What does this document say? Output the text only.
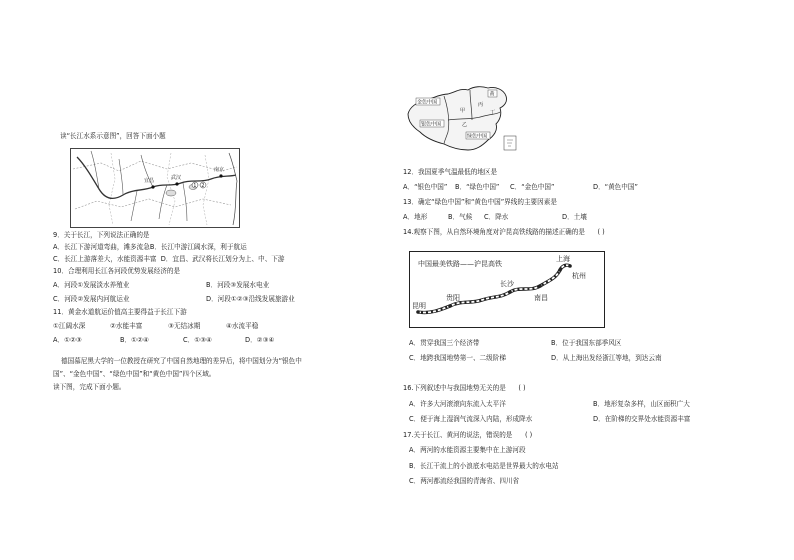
读“长江水系示意图”，回答下面小题
宜昌	武汉
南京
1 2
9．关于长江，下列说法正确的是
A．长江下游河道弯曲，滩多流急B．长江中游江阔水深，利于航运
C．长江上游落差大，水能资源丰富 D．宜昌、武汉将长江划分为上、中、下游
10．合理利用长江各河段优势发展经济的是
A．河段①发展淡水养殖业	B．河段③发展水电业
C．河段②发展内河航运业	D．河段①②③沿线发展旅游业
11．黄金水道航运价值高主要得益于长江下游
①江阔水深	②水能丰富	③无结冰期	④水流平稳
A．①②③	B．①②④	C．①③④	D．②③④
德国慕尼黑大学的一位教授在研究了中国自然地理的差异后，将中国划分为“银色中
国”、“金色中国”、“绿色中国”和“黄色中国”四个区域。
读下图，完成下面小题。
金色中国
银色中国
绿色中国
黄
甲
丙
丁
乙
12．我国夏季气温最低的地区是
A．“银色中国” B．“绿色中国” C．“金色中国”	D．“黄色中国”
13．确定“绿色中国”和“黄色中国”界线的主要因素是
A．地形	B．气候 C．降水	D．土壤
14.观察下图，从自然环境角度对沪昆高铁线路的描述正确的是 ( )
中国最美铁路——沪昆高铁
上海
杭州
长沙
南昌
贵阳
昆明
A．贯穿我国三个经济带	B．位于我国东部季风区
C．地跨我国地势第一、二级阶梯	D．从上海出发经浙江等地，到达云南
16.下列叙述中与我国地势无关的是 ( )
A．许多大河滚滚向东流入太平洋	B．地形复杂多样，山区面积广大
C．便于海上湿润气流深入内陆，形成降水	D．在阶梯的交界处水能资源丰富
17.关于长江、黄河的说法，错误的是 ( )
A．两河的水能资源主要集中在上游河段
B．长江干流上的小浪底水电站是世界最大的水电站
C．两河都流经我国的青海省、四川省
